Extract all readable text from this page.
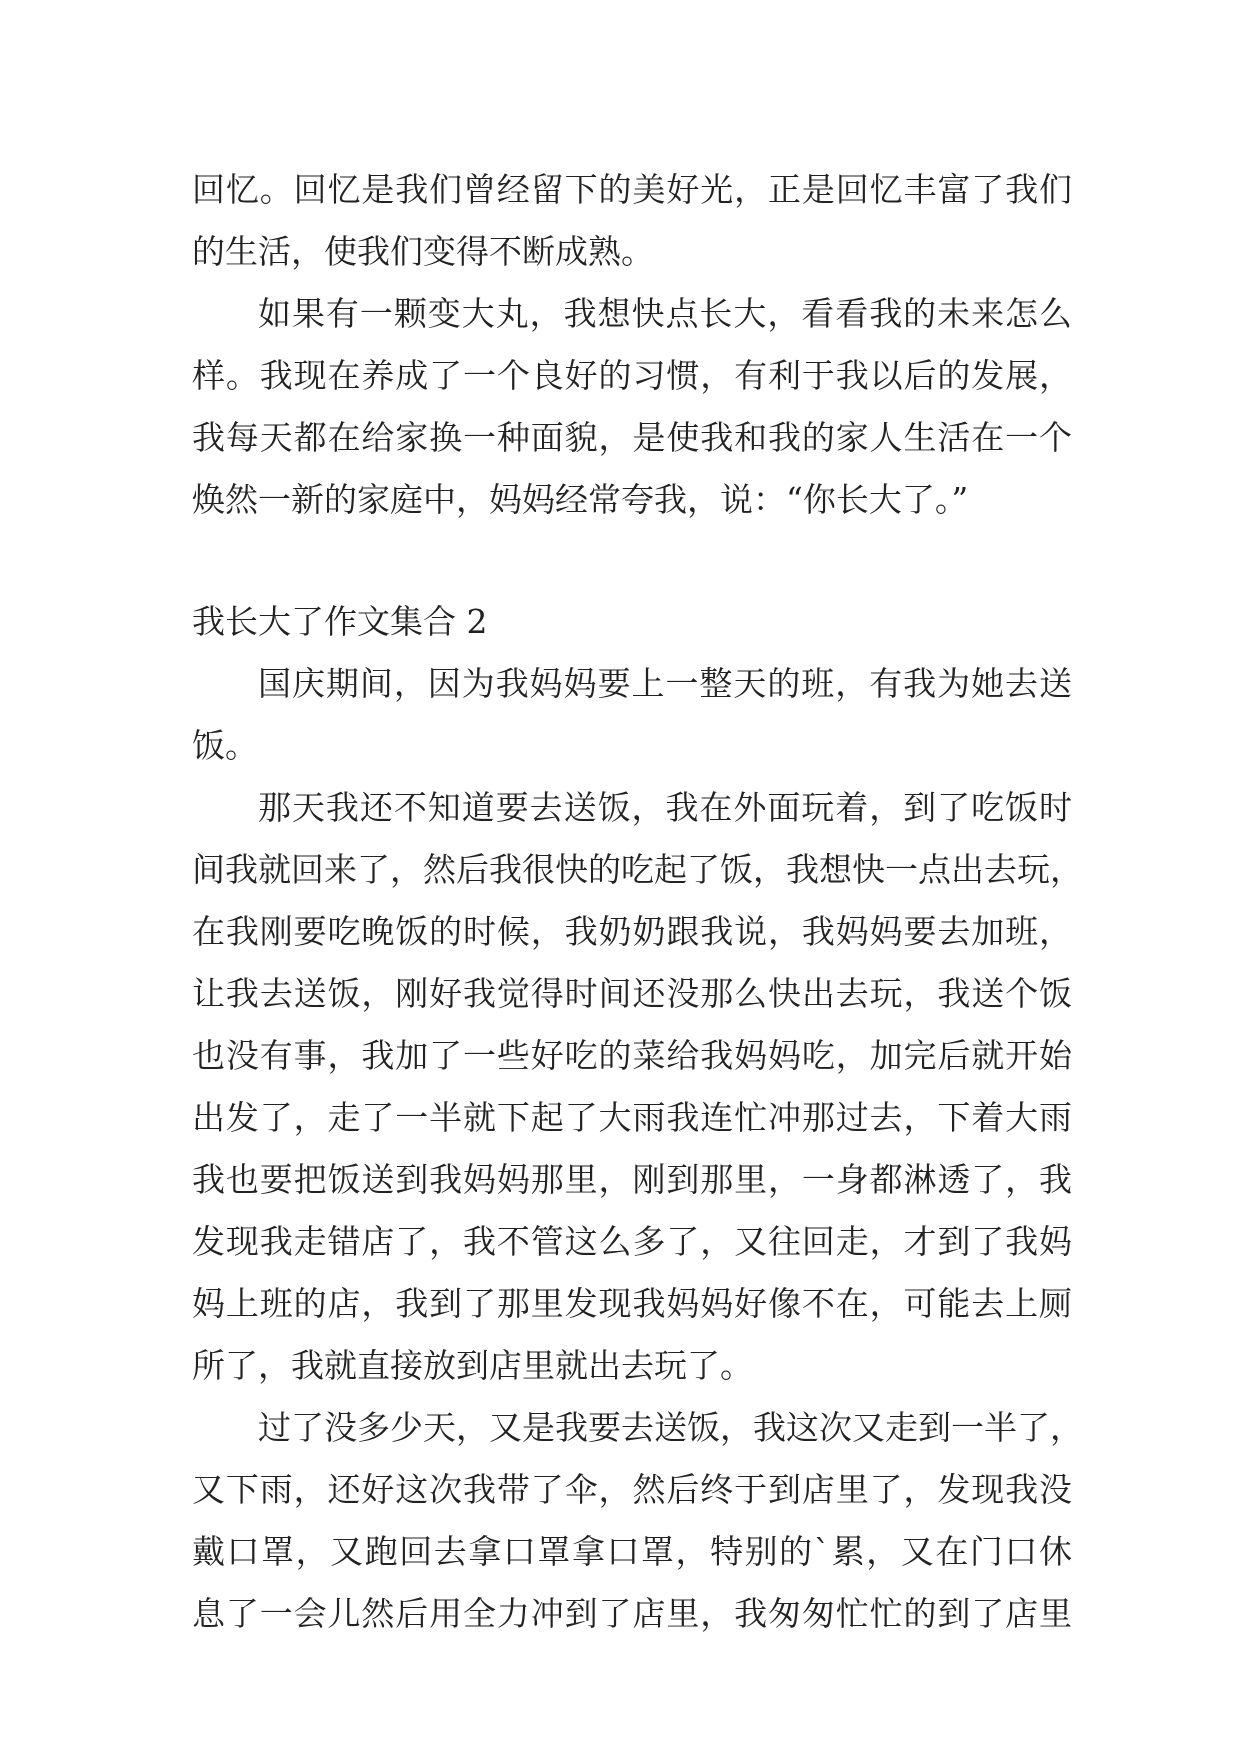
回忆。回忆是我们曾经留下的美好光，正是回忆丰富了我们
的生活，使我们变得不断成熟。
如果有一颗变大丸，我想快点长大，看看我的未来怎么
样。我现在养成了一个良好的习惯，有利于我以后的发展，
我每天都在给家换一种面貌，是使我和我的家人生活在一个
焕然一新的家庭中，妈妈经常夸我，说：“你长大了。”
我长大了作文集合 2
国庆期间，因为我妈妈要上一整天的班，有我为她去送
饭。
那天我还不知道要去送饭，我在外面玩着，到了吃饭时
间我就回来了，然后我很快的吃起了饭，我想快一点出去玩，
在我刚要吃晚饭的时候，我奶奶跟我说，我妈妈要去加班，
让我去送饭，刚好我觉得时间还没那么快出去玩，我送个饭
也没有事，我加了一些好吃的菜给我妈妈吃，加完后就开始
出发了，走了一半就下起了大雨我连忙冲那过去，下着大雨
我也要把饭送到我妈妈那里，刚到那里，一身都淋透了，我
发现我走错店了，我不管这么多了，又往回走，才到了我妈
妈上班的店，我到了那里发现我妈妈好像不在，可能去上厕
所了，我就直接放到店里就出去玩了。
过了没多少天，又是我要去送饭，我这次又走到一半了，
又下雨，还好这次我带了伞，然后终于到店里了，发现我没
戴口罩，又跑回去拿口罩拿口罩，特别的`累，又在门口休
息了一会儿然后用全力冲到了店里，我匆匆忙忙的到了店里
